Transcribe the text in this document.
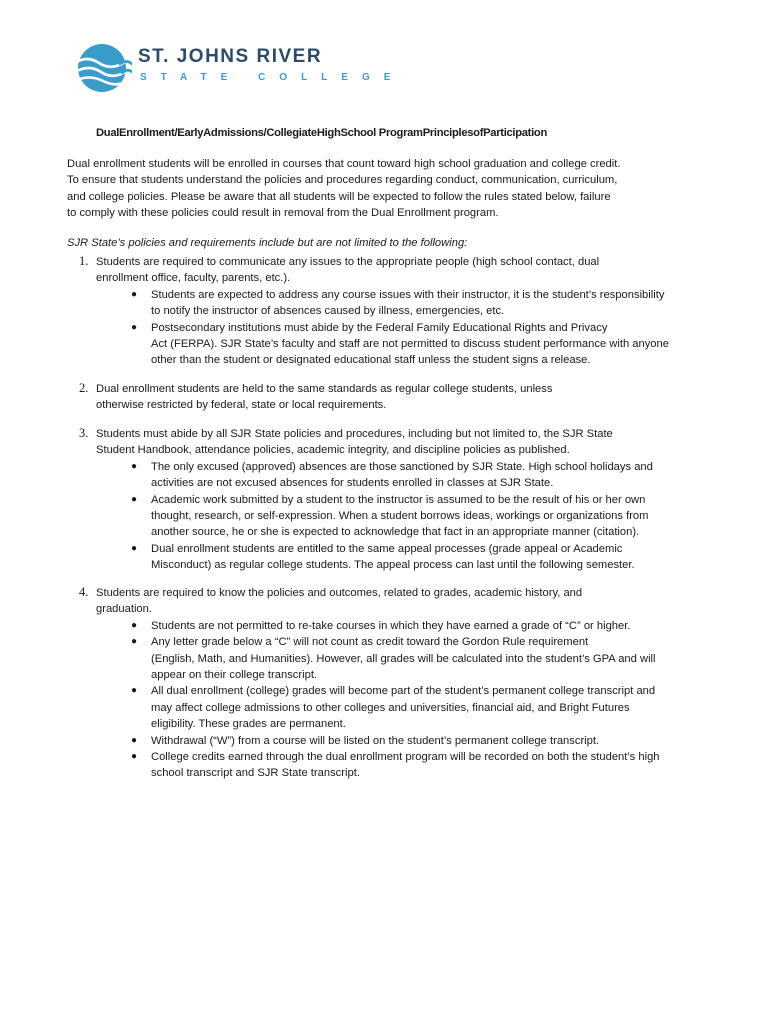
ST. JOHNS RIVER
STATE COLLEGE
DualEnrollment/EarlyAdmissions/CollegiateHighSchool ProgramPrinciplesofParticipation
Dual enrollment students will be enrolled in courses that count toward high school graduation and college credit.
To ensure that students understand the policies and procedures regarding conduct, communication, curriculum,
and college policies. Please be aware that all students will be expected to follow the rules stated below, failure
to comply with these policies could result in removal from the Dual Enrollment program.
SJR State’s policies and requirements include but are not limited to the following:
1. Students are required to communicate any issues to the appropriate people (high school contact, dual
enrollment office, faculty, parents, etc.).
● Students are expected to address any course issues with their instructor, it is the student’s responsibility
to notify the instructor of absences caused by illness, emergencies, etc.
● Postsecondary institutions must abide by the Federal Family Educational Rights and Privacy
Act (FERPA). SJR State’s faculty and staff are not permitted to discuss student performance with anyone
other than the student or designated educational staff unless the student signs a release.
2. Dual enrollment students are held to the same standards as regular college students, unless
otherwise restricted by federal, state or local requirements.
3. Students must abide by all SJR State policies and procedures, including but not limited to, the SJR State
Student Handbook, attendance policies, academic integrity, and discipline policies as published.
● The only excused (approved) absences are those sanctioned by SJR State. High school holidays and
activities are not excused absences for students enrolled in classes at SJR State.
● Academic work submitted by a student to the instructor is assumed to be the result of his or her own
thought, research, or self-expression. When a student borrows ideas, workings or organizations from
another source, he or she is expected to acknowledge that fact in an appropriate manner (citation).
● Dual enrollment students are entitled to the same appeal processes (grade appeal or Academic
Misconduct) as regular college students. The appeal process can last until the following semester.
4. Students are required to know the policies and outcomes, related to grades, academic history, and
graduation.
● Students are not permitted to re-take courses in which they have earned a grade of “C” or higher.
● Any letter grade below a “C” will not count as credit toward the Gordon Rule requirement
(English, Math, and Humanities). However, all grades will be calculated into the student’s GPA and will
appear on their college transcript.
● All dual enrollment (college) grades will become part of the student’s permanent college transcript and
may affect college admissions to other colleges and universities, financial aid, and Bright Futures
eligibility. These grades are permanent.
● Withdrawal (“W”) from a course will be listed on the student’s permanent college transcript.
● College credits earned through the dual enrollment program will be recorded on both the student’s high
school transcript and SJR State transcript.
